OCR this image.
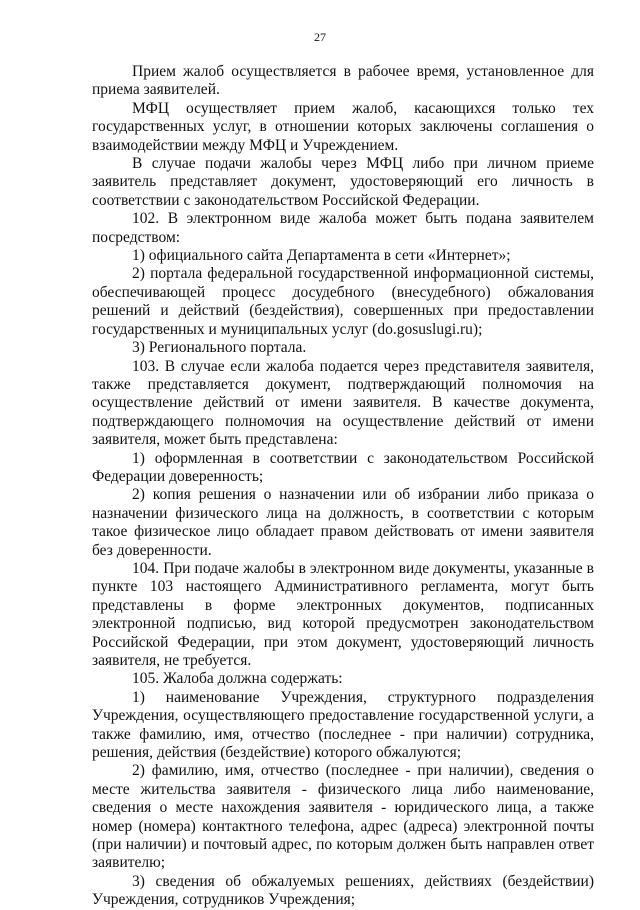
27

Прием жалоб осуществляется в рабочее время, установленное для приема заявителей.

МФЦ осуществляет прием жалоб, касающихся только тех государственных услуг, в отношении которых заключены соглашения о взаимодействии между МФЦ и Учреждением.

В случае подачи жалобы через МФЦ либо при личном приеме заявитель представляет документ, удостоверяющий его личность в соответствии с законодательством Российской Федерации.

102. В электронном виде жалоба может быть подана заявителем посредством:

1) официального сайта Департамента в сети «Интернет»;

2) портала федеральной государственной информационной системы, обеспечивающей процесс досудебного (внесудебного) обжалования решений и действий (бездействия), совершенных при предоставлении государственных и муниципальных услуг (do.gosuslugi.ru);

3) Регионального портала.

103. В случае если жалоба подается через представителя заявителя, также представляется документ, подтверждающий полномочия на осуществление действий от имени заявителя. В качестве документа, подтверждающего полномочия на осуществление действий от имени заявителя, может быть представлена:

1) оформленная в соответствии с законодательством Российской Федерации доверенность;

2) копия решения о назначении или об избрании либо приказа о назначении физического лица на должность, в соответствии с которым такое физическое лицо обладает правом действовать от имени заявителя без доверенности.

104. При подаче жалобы в электронном виде документы, указанные в пункте 103 настоящего Административного регламента, могут быть представлены в форме электронных документов, подписанных электронной подписью, вид которой предусмотрен законодательством Российской Федерации, при этом документ, удостоверяющий личность заявителя, не требуется.

105. Жалоба должна содержать:

1) наименование Учреждения, структурного подразделения Учреждения, осуществляющего предоставление государственной услуги, а также фамилию, имя, отчество (последнее - при наличии) сотрудника, решения, действия (бездействие) которого обжалуются;

2) фамилию, имя, отчество (последнее - при наличии), сведения о месте жительства заявителя - физического лица либо наименование, сведения о месте нахождения заявителя - юридического лица, а также номер (номера) контактного телефона, адрес (адреса) электронной почты (при наличии) и почтовый адрес, по которым должен быть направлен ответ заявителю;

3) сведения об обжалуемых решениях, действиях (бездействии) Учреждения, сотрудников Учреждения;
